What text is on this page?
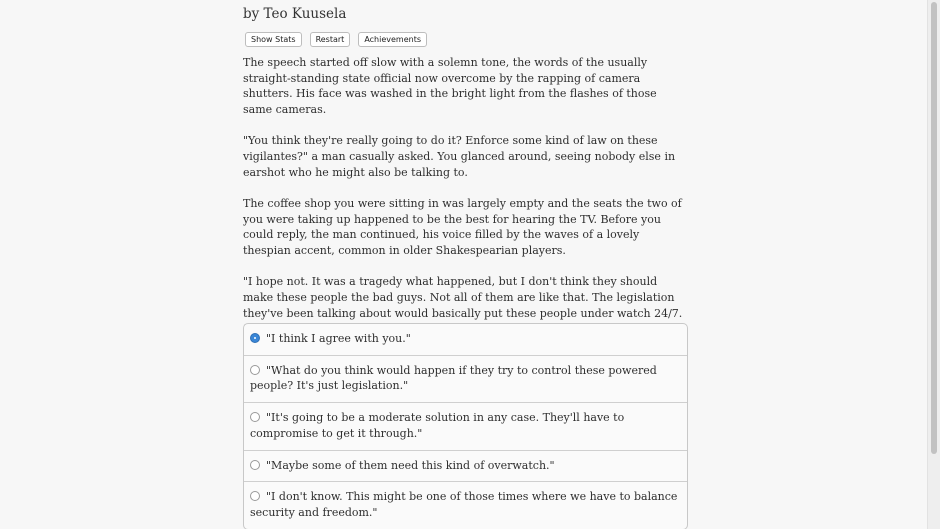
by Teo Kuusela
Show Stats	Restart	Achievements

The speech started off slow with a solemn tone, the words of the usually straight-standing state official now overcome by the rapping of camera shutters. His face was washed in the bright light from the flashes of those same cameras.

"You think they're really going to do it? Enforce some kind of law on these vigilantes?" a man casually asked. You glanced around, seeing nobody else in earshot who he might also be talking to.

The coffee shop you were sitting in was largely empty and the seats the two of you were taking up happened to be the best for hearing the TV. Before you could reply, the man continued, his voice filled by the waves of a lovely thespian accent, common in older Shakespearian players.

"I hope not. It was a tragedy what happened, but I don't think they should make these people the bad guys. Not all of them are like that. The legislation they've been talking about would basically put these people under watch 24/7.

"I think I agree with you."
"What do you think would happen if they try to control these powered people? It's just legislation."
"It's going to be a moderate solution in any case. They'll have to compromise to get it through."
"Maybe some of them need this kind of overwatch."
"I don't know. This might be one of those times where we have to balance security and freedom."
